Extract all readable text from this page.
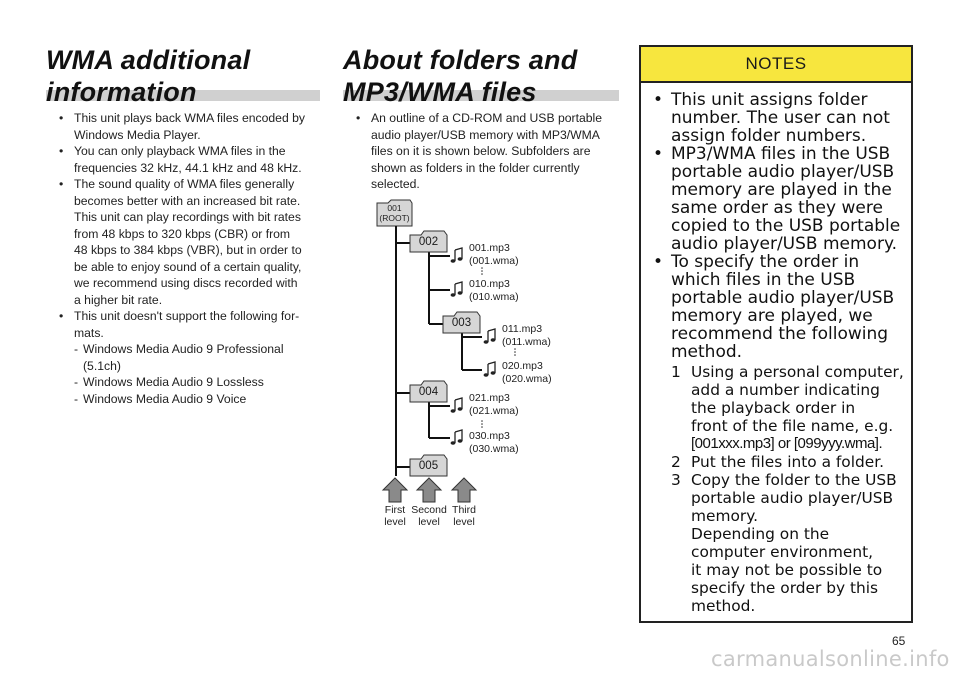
WMA additional
information
• This unit plays back WMA files encoded by
Windows Media Player.
• You can only playback WMA files in the
frequencies 32 kHz, 44.1 kHz and 48 kHz.
• The sound quality of WMA files generally
becomes better with an increased bit rate.
This unit can play recordings with bit rates
from 48 kbps to 320 kbps (CBR) or from
48 kbps to 384 kbps (VBR), but in order to
be able to enjoy sound of a certain quality,
we recommend using discs recorded with
a higher bit rate.
• This unit doesn't support the following for-
mats.
- Windows Media Audio 9 Professional
(5.1ch)
- Windows Media Audio 9 Lossless
- Windows Media Audio 9 Voice
About folders and
MP3/WMA files
• An outline of a CD-ROM and USB portable
audio player/USB memory with MP3/WMA
files on it is shown below. Subfolders are
shown as folders in the folder currently
selected.
001
(ROOT)
002
003
004
005
001.mp3
(001.wma)
010.mp3
(010.wma)
011.mp3
(011.wma)
020.mp3
(020.wma)
021.mp3
(021.wma)
030.mp3
(030.wma)
First
level
Second
level
Third
level
NOTES
• This unit assigns folder
number. The user can not
assign folder numbers.
• MP3/WMA files in the USB
portable audio player/USB
memory are played in the
same order as they were
copied to the USB portable
audio player/USB memory.
• To specify the order in
which files in the USB
portable audio player/USB
memory are played, we
recommend the following
method.
1 Using a personal computer,
add a number indicating
the playback order in
front of the file name, e.g.
[001xxx.mp3] or [099yyy.wma].
2 Put the files into a folder.
3 Copy the folder to the USB
portable audio player/USB
memory.
Depending on the
computer environment,
it may not be possible to
specify the order by this
method.
65
carmanualsonline.info
